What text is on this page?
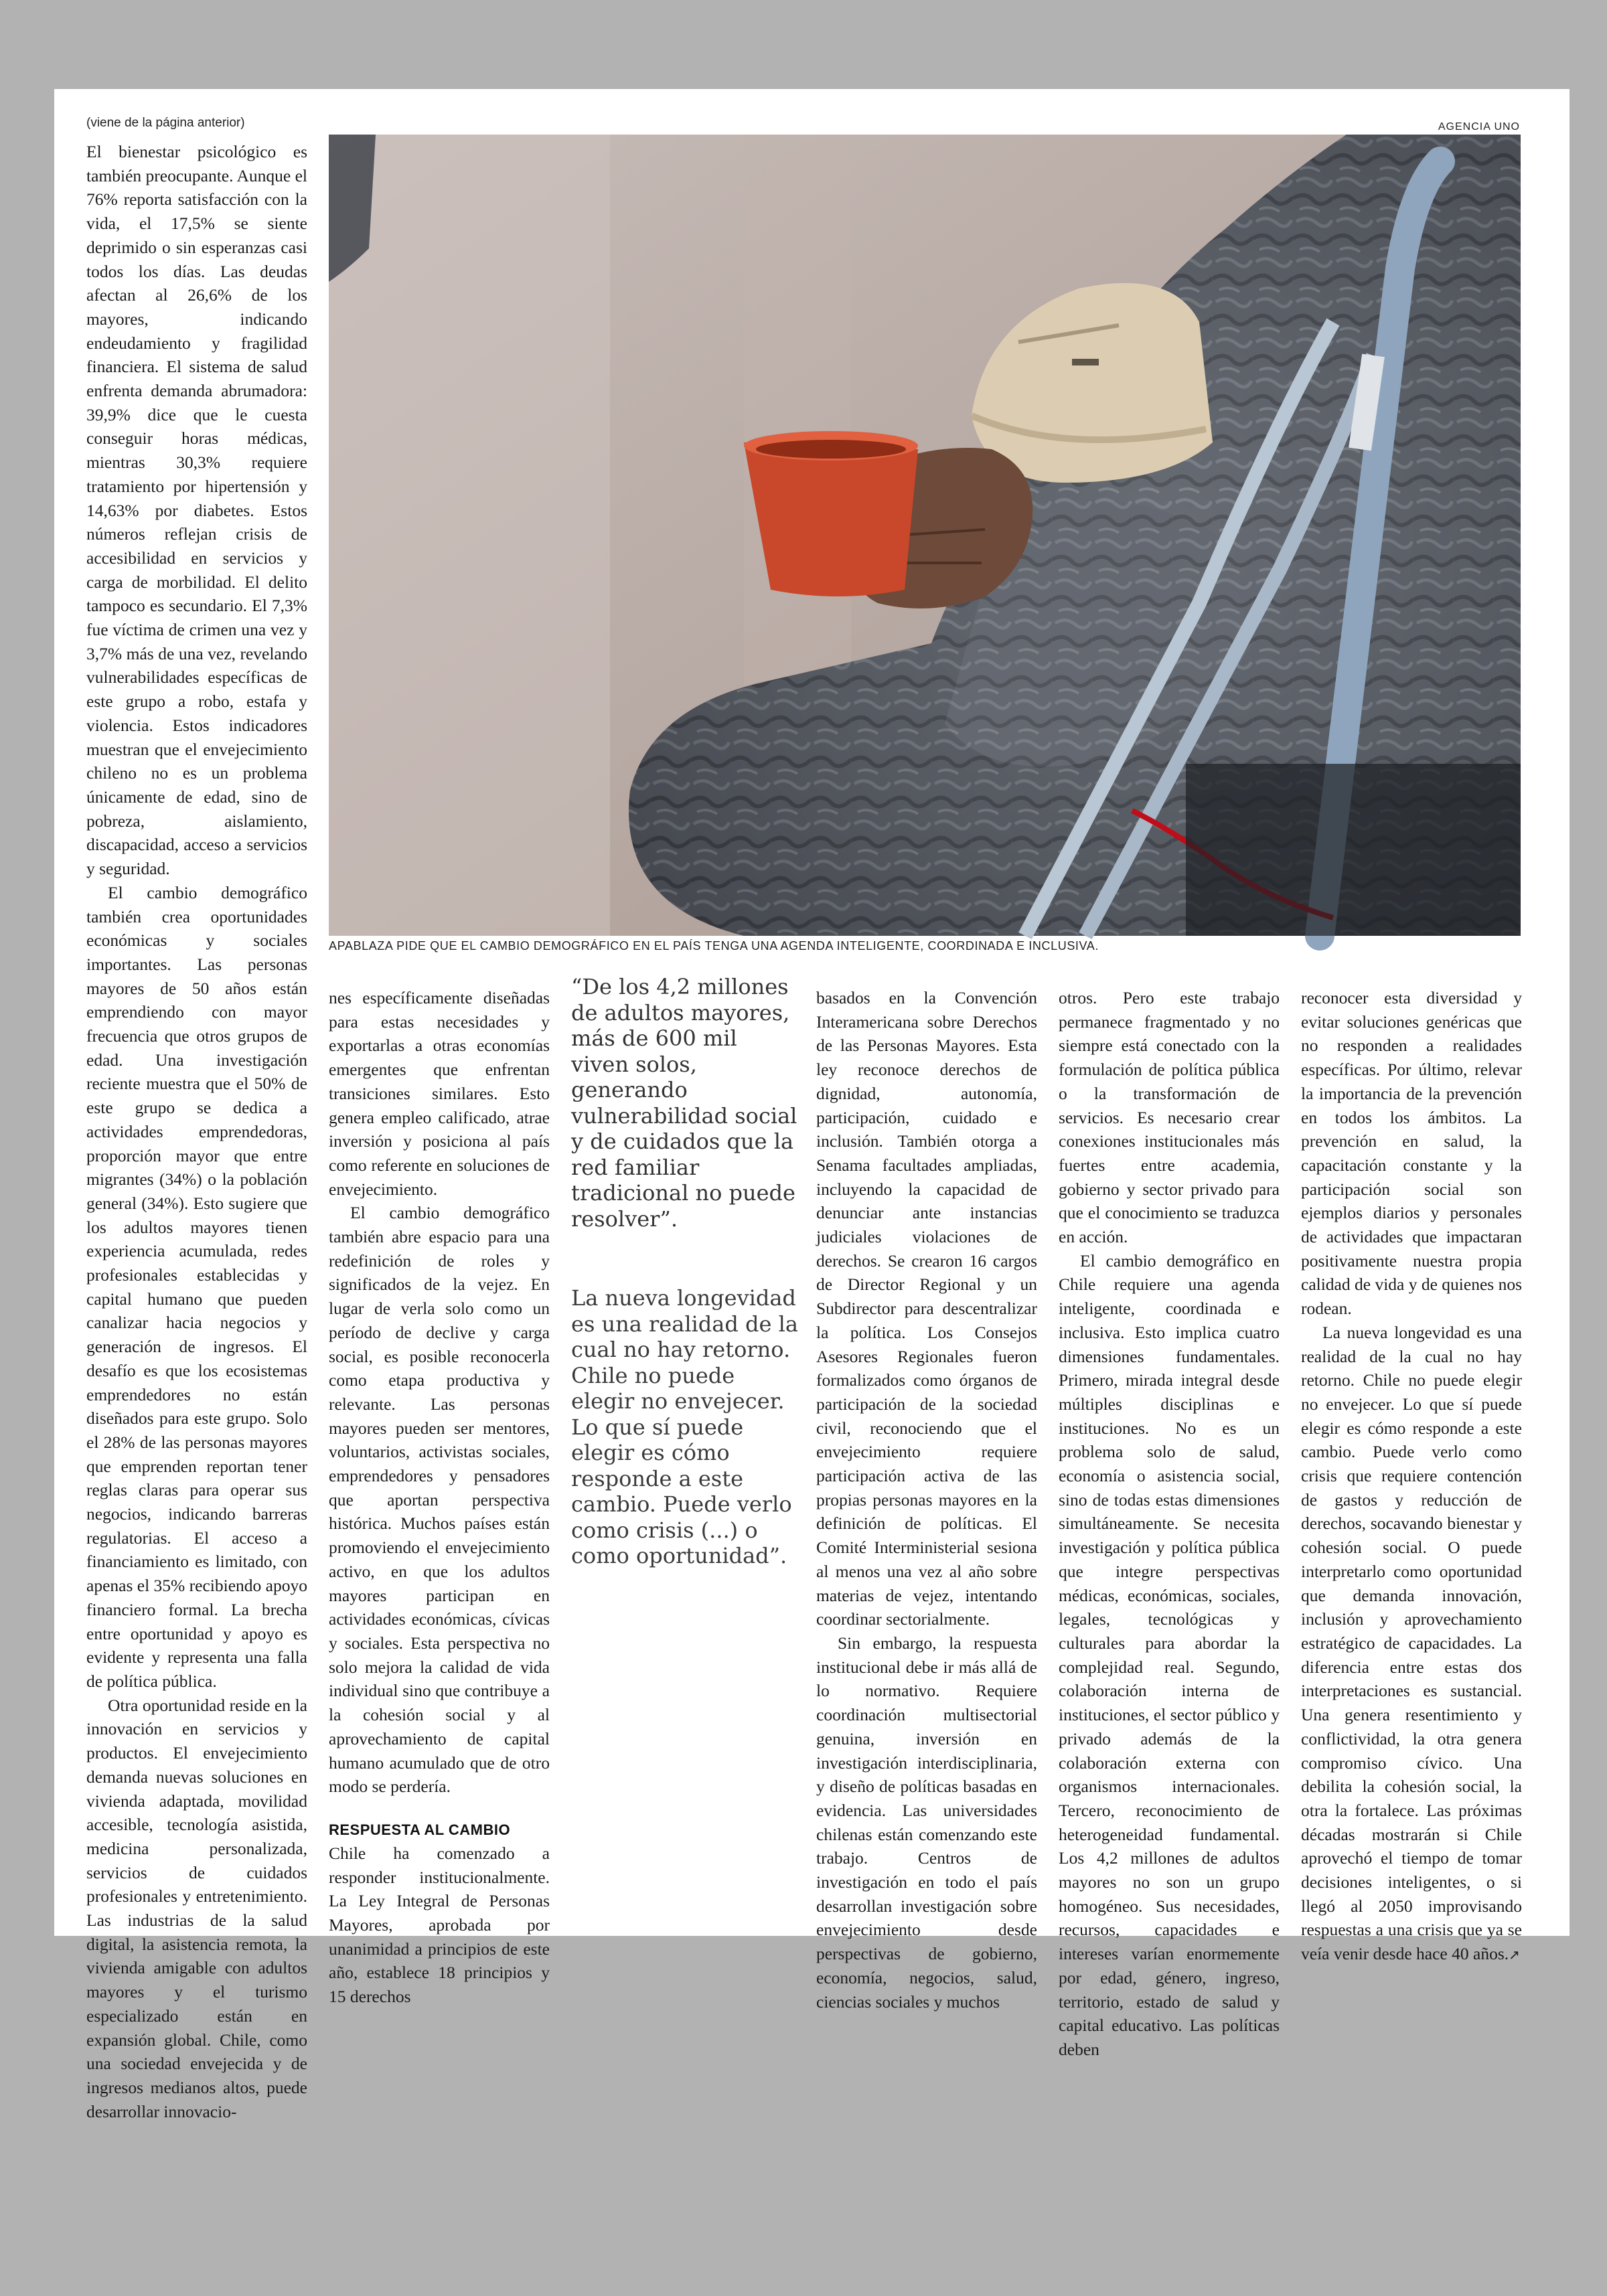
(viene de la página anterior)	AGENCIA UNO

El bienestar psicológico es también preocupante. Aunque el 76% reporta satisfacción con la vida, el 17,5% se siente deprimido o sin esperanzas casi todos los días. Las deudas afectan al 26,6% de los mayores, indicando endeudamiento y fragilidad financiera. El sistema de salud enfrenta demanda abrumadora: 39,9% dice que le cuesta conseguir horas médicas, mientras 30,3% requiere tratamiento por hipertensión y 14,63% por diabetes. Estos números reflejan crisis de accesibilidad en servicios y carga de morbilidad. El delito tampoco es secundario. El 7,3% fue víctima de crimen una vez y 3,7% más de una vez, revelando vulnerabilidades específicas de este grupo a robo, estafa y violencia. Estos indicadores muestran que el envejecimiento chileno no es un problema únicamente de edad, sino de pobreza, aislamiento, discapacidad, acceso a servicios y seguridad.

El cambio demográfico también crea oportunidades económicas y sociales importantes. Las personas mayores de 50 años están emprendiendo con mayor frecuencia que otros grupos de edad. Una investigación reciente muestra que el 50% de este grupo se dedica a actividades emprendedoras, proporción mayor que entre migrantes (34%) o la población general (34%). Esto sugiere que los adultos mayores tienen experiencia acumulada, redes profesionales establecidas y capital humano que pueden canalizar hacia negocios y generación de ingresos. El desafío es que los ecosistemas emprendedores no están diseñados para este grupo. Solo el 28% de las personas mayores que emprenden reportan tener reglas claras para operar sus negocios, indicando barreras regulatorias. El acceso a financiamiento es limitado, con apenas el 35% recibiendo apoyo financiero formal. La brecha entre oportunidad y apoyo es evidente y representa una falla de política pública.

Otra oportunidad reside en la innovación en servicios y productos. El envejecimiento demanda nuevas soluciones en vivienda adaptada, movilidad accesible, tecnología asistida, medicina personalizada, servicios de cuidados profesionales y entretenimiento. Las industrias de la salud digital, la asistencia remota, la vivienda amigable con adultos mayores y el turismo especializado están en expansión global. Chile, como una sociedad envejecida y de ingresos medianos altos, puede desarrollar innovacio-

APABLAZA PIDE QUE EL CAMBIO DEMOGRÁFICO EN EL PAÍS TENGA UNA AGENDA INTELIGENTE, COORDINADA E INCLUSIVA.

nes específicamente diseñadas para estas necesidades y exportarlas a otras economías emergentes que enfrentan transiciones similares. Esto genera empleo calificado, atrae inversión y posiciona al país como referente en soluciones de envejecimiento.

El cambio demográfico también abre espacio para una redefinición de roles y significados de la vejez. En lugar de verla solo como un período de declive y carga social, es posible reconocerla como etapa productiva y relevante. Las personas mayores pueden ser mentores, voluntarios, activistas sociales, emprendedores y pensadores que aportan perspectiva histórica. Muchos países están promoviendo el envejecimiento activo, en que los adultos mayores participan en actividades económicas, cívicas y sociales. Esta perspectiva no solo mejora la calidad de vida individual sino que contribuye a la cohesión social y al aprovechamiento de capital humano acumulado que de otro modo se perdería.

RESPUESTA AL CAMBIO

Chile ha comenzado a responder institucionalmente. La Ley Integral de Personas Mayores, aprobada por unanimidad a principios de este año, establece 18 principios y 15 derechos

“De los 4,2 millones de adultos mayores, más de 600 mil viven solos, generando vulnerabilidad social y de cuidados que la red familiar tradicional no puede resolver”.

La nueva longevidad es una realidad de la cual no hay retorno. Chile no puede elegir no envejecer. Lo que sí puede elegir es cómo responde a este cambio. Puede verlo como crisis (...) o como oportunidad”.

basados en la Convención Interamericana sobre Derechos de las Personas Mayores. Esta ley reconoce derechos de dignidad, autonomía, participación, cuidado e inclusión. También otorga a Senama facultades ampliadas, incluyendo la capacidad de denunciar ante instancias judiciales violaciones de derechos. Se crearon 16 cargos de Director Regional y un Subdirector para descentralizar la política. Los Consejos Asesores Regionales fueron formalizados como órganos de participación de la sociedad civil, reconociendo que el envejecimiento requiere participación activa de las propias personas mayores en la definición de políticas. El Comité Interministerial sesiona al menos una vez al año sobre materias de vejez, intentando coordinar sectorialmente.

Sin embargo, la respuesta institucional debe ir más allá de lo normativo. Requiere coordinación multisectorial genuina, inversión en investigación interdisciplinaria, y diseño de políticas basadas en evidencia. Las universidades chilenas están comenzando este trabajo. Centros de investigación en todo el país desarrollan investigación sobre envejecimiento desde perspectivas de gobierno, economía, negocios, salud, ciencias sociales y muchos

otros. Pero este trabajo permanece fragmentado y no siempre está conectado con la formulación de política pública o la transformación de servicios. Es necesario crear conexiones institucionales más fuertes entre academia, gobierno y sector privado para que el conocimiento se traduzca en acción.

El cambio demográfico en Chile requiere una agenda inteligente, coordinada e inclusiva. Esto implica cuatro dimensiones fundamentales. Primero, mirada integral desde múltiples disciplinas e instituciones. No es un problema solo de salud, economía o asistencia social, sino de todas estas dimensiones simultáneamente. Se necesita investigación y política pública que integre perspectivas médicas, económicas, sociales, legales, tecnológicas y culturales para abordar la complejidad real. Segundo, colaboración interna de instituciones, el sector público y privado además de la colaboración externa con organismos internacionales. Tercero, reconocimiento de heterogeneidad fundamental. Los 4,2 millones de adultos mayores no son un grupo homogéneo. Sus necesidades, recursos, capacidades e intereses varían enormemente por edad, género, ingreso, territorio, estado de salud y capital educativo. Las políticas deben

reconocer esta diversidad y evitar soluciones genéricas que no responden a realidades específicas. Por último, relevar la importancia de la prevención en todos los ámbitos. La prevención en salud, la capacitación constante y la participación social son ejemplos diarios y personales de actividades que impactaran positivamente nuestra propia calidad de vida y de quienes nos rodean.

La nueva longevidad es una realidad de la cual no hay retorno. Chile no puede elegir no envejecer. Lo que sí puede elegir es cómo responde a este cambio. Puede verlo como crisis que requiere contención de gastos y reducción de derechos, socavando bienestar y cohesión social. O puede interpretarlo como oportunidad que demanda innovación, inclusión y aprovechamiento estratégico de capacidades. La diferencia entre estas dos interpretaciones es sustancial. Una genera resentimiento y conflictividad, la otra genera compromiso cívico. Una debilita la cohesión social, la otra la fortalece. Las próximas décadas mostrarán si Chile aprovechó el tiempo de tomar decisiones inteligentes, o si llegó al 2050 improvisando respuestas a una crisis que ya se veía venir desde hace 40 años.↗
